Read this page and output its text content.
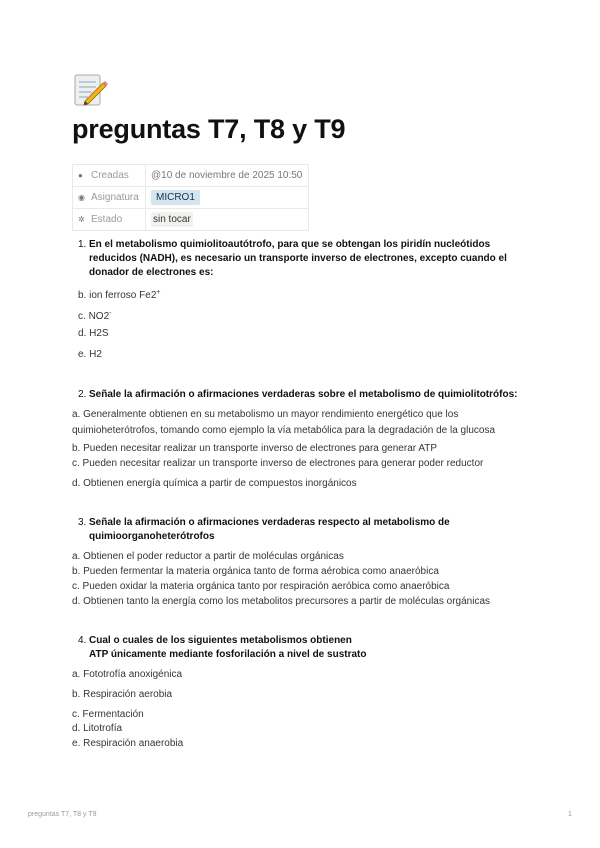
preguntas T7, T8 y T9
● Creadas	@10 de noviembre de 2025 10:50
◉ Asignatura	MICRO1
✲ Estado	sin tocar
1. En el metabolismo quimiolitoautótrofo, para que se obtengan los piridín nucleótidos reducidos (NADH), es necesario un transporte inverso de electrones, excepto cuando el donador de electrones es:
b. ion ferroso Fe2+
c. NO2-
d. H2S
e. H2
2. Señale la afirmación o afirmaciones verdaderas sobre el metabolismo de quimiolitotrófos:
a. Generalmente obtienen en su metabolismo un mayor rendimiento energético que los quimioheterótrofos, tomando como ejemplo la vía metabólica para la degradación de la glucosa
b. Pueden necesitar realizar un transporte inverso de electrones para generar ATP
c. Pueden necesitar realizar un transporte inverso de electrones para generar poder reductor
d. Obtienen energía química a partir de compuestos inorgánicos
3. Señale la afirmación o afirmaciones verdaderas respecto al metabolismo de quimioorganoheterótrofos
a. Obtienen el poder reductor a partir de moléculas orgánicas
b. Pueden fermentar la materia orgánica tanto de forma aérobica como anaeróbica
c. Pueden oxidar la materia orgánica tanto por respiración aeróbica como anaeróbica
d. Obtienen tanto la energía como los metabolitos precursores a partir de moléculas orgánicas
4. Cual o cuales de los siguientes metabolismos obtienen
ATP únicamente mediante fosforilación a nivel de sustrato
a. Fototrofía anoxigénica
b. Respiración aerobia
c. Fermentación
d. Litotrofía
e. Respiración anaerobia
preguntas T7, T8 y T9	1
